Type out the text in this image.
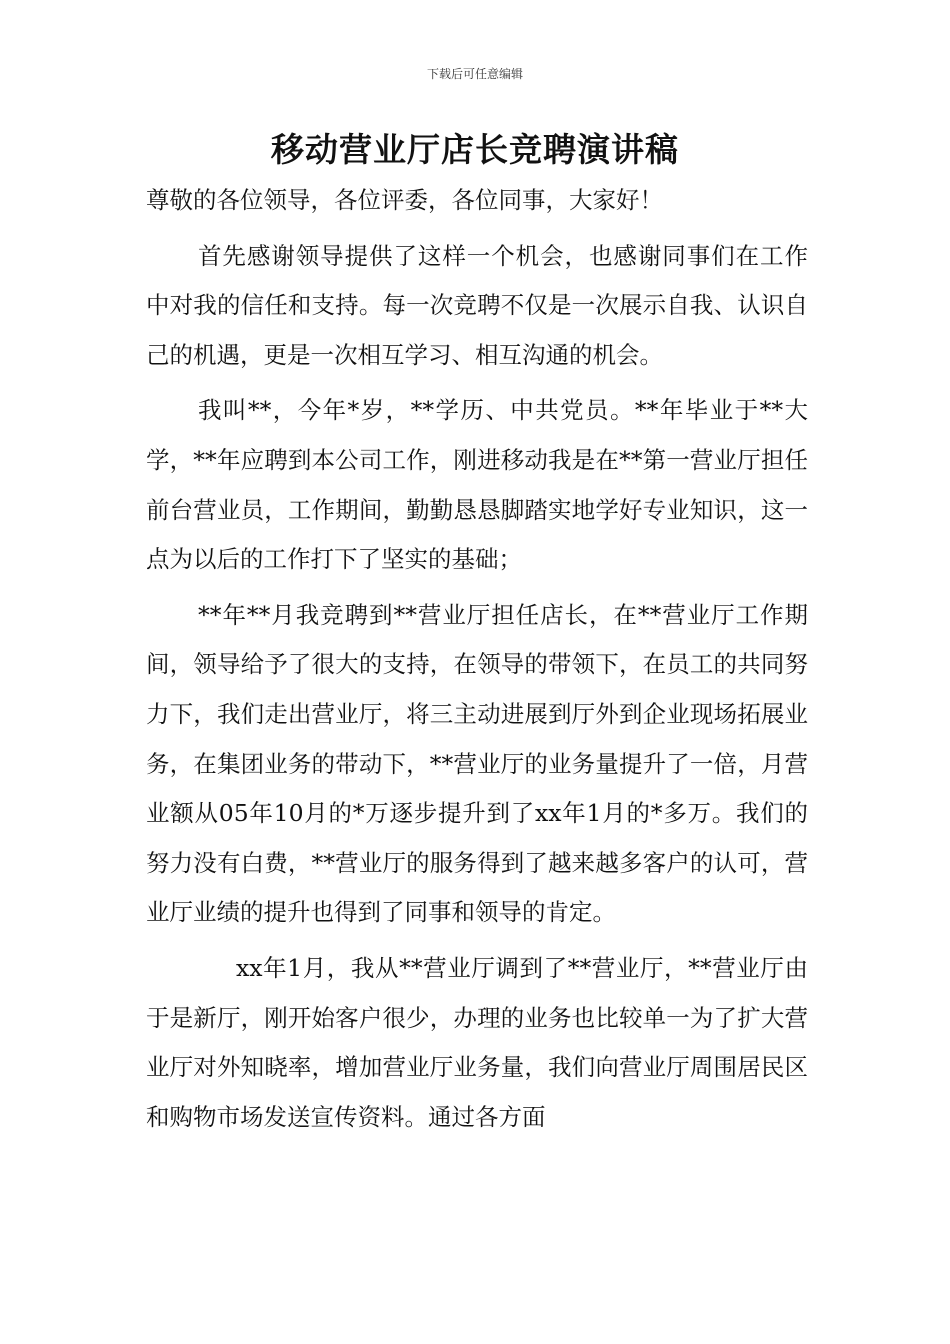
下载后可任意编辑
移动营业厅店长竞聘演讲稿

尊敬的各位领导，各位评委，各位同事，大家好！

首先感谢领导提供了这样一个机会，也感谢同事们在工作中对我的信任和支持。每一次竞聘不仅是一次展示自我、认识自己的机遇，更是一次相互学习、相互沟通的机会。

我叫**，今年*岁，**学历、中共党员。**年毕业于**大学，**年应聘到本公司工作，刚进移动我是在**第一营业厅担任前台营业员，工作期间，勤勤恳恳脚踏实地学好专业知识，这一点为以后的工作打下了坚实的基础；

**年**月我竞聘到**营业厅担任店长，在**营业厅工作期间，领导给予了很大的支持，在领导的带领下，在员工的共同努力下，我们走出营业厅，将三主动进展到厅外到企业现场拓展业务，在集团业务的带动下，**营业厅的业务量提升了一倍，月营业额从05年10月的*万逐步提升到了xx年1月的*多万。我们的努力没有白费，**营业厅的服务得到了越来越多客户的认可，营业厅业绩的提升也得到了同事和领导的肯定。

xx年1月，我从**营业厅调到了**营业厅，**营业厅由于是新厅，刚开始客户很少，办理的业务也比较单一为了扩大营业厅对外知晓率，增加营业厅业务量，我们向营业厅周围居民区和购物市场发送宣传资料。通过各方面
